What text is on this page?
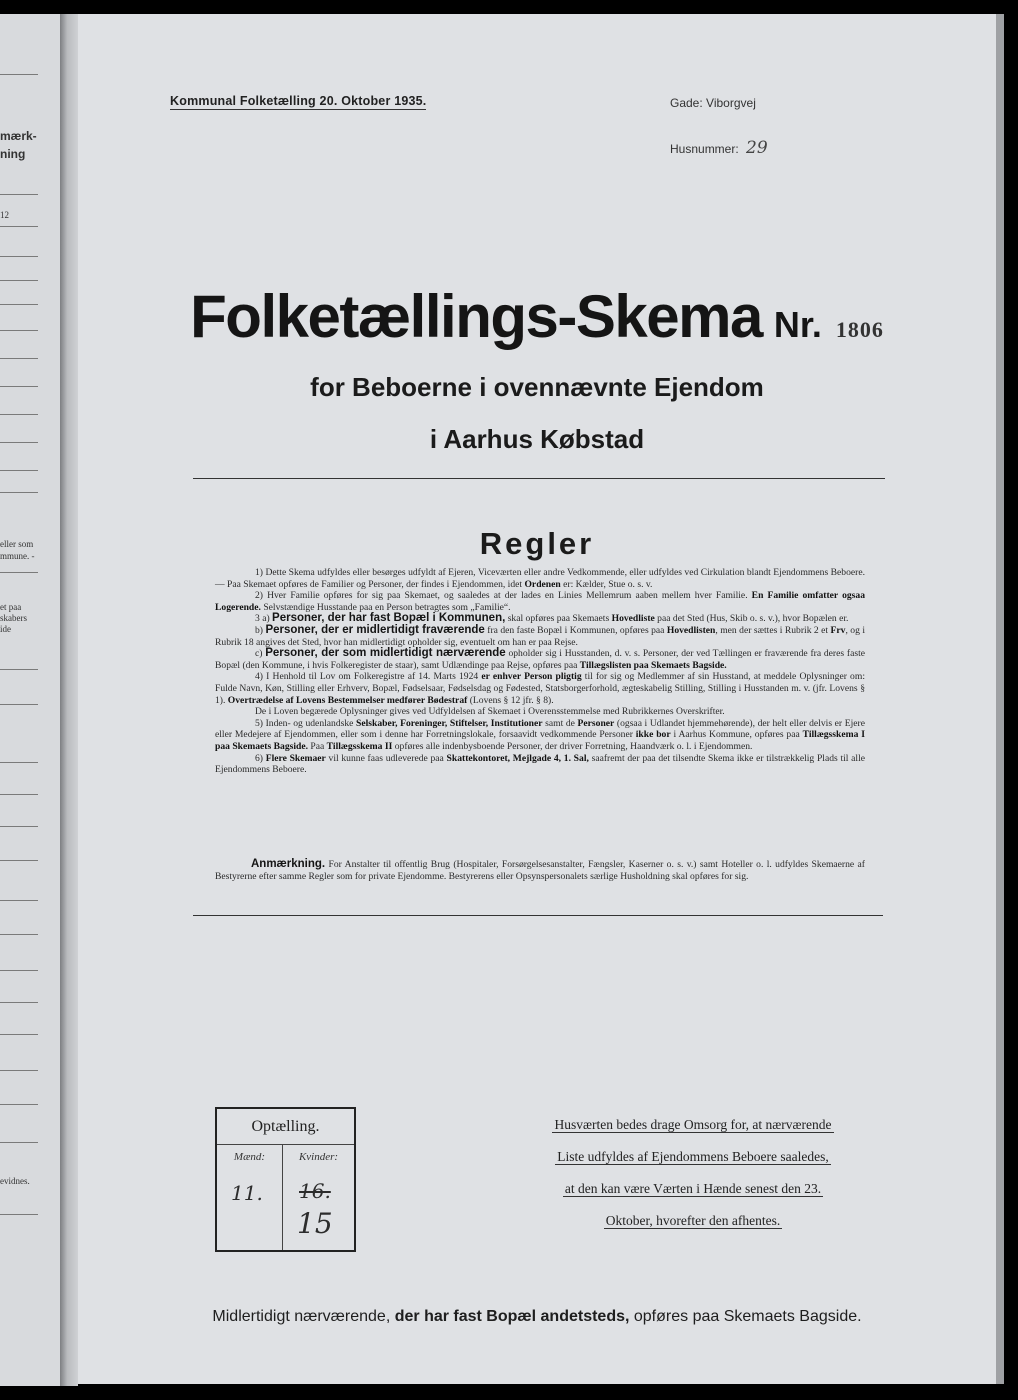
mærk-
ning
12
eller som
mmune. -
et paa
skabers
ide
evidnes.
Kommunal Folketælling 20. Oktober 1935.	Gade: Viborgvej
Husnummer: 29
Folketællings-Skema Nr. 1806
for Beboerne i ovennævnte Ejendom
i Aarhus Købstad
Regler

1) Dette Skema udfyldes eller besørges udfyldt af Ejeren, Viceværten eller andre Vedkommende, eller udfyldes ved Cirkulation blandt Ejendommens Beboere. — Paa Skemaet opføres de Familier og Personer, der findes i Ejendommen, idet Ordenen er: Kælder, Stue o. s. v.

2) Hver Familie opføres for sig paa Skemaet, og saaledes at der lades en Linies Mellemrum aaben mellem hver Familie. En Familie omfatter ogsaa Logerende. Selvstændige Husstande paa en Person betragtes som „Familie“.

3 a) Personer, der har fast Bopæl i Kommunen, skal opføres paa Skemaets Hovedliste paa det Sted (Hus, Skib o. s. v.), hvor Bopælen er.

b) Personer, der er midlertidigt fraværende fra den faste Bopæl i Kommunen, opføres paa Hovedlisten, men der sættes i Rubrik 2 et Frv, og i Rubrik 18 angives det Sted, hvor han midlertidigt opholder sig, eventuelt om han er paa Rejse.

c) Personer, der som midlertidigt nærværende opholder sig i Husstanden, d. v. s. Personer, der ved Tællingen er fraværende fra deres faste Bopæl (den Kommune, i hvis Folkeregister de staar), samt Udlændinge paa Rejse, opføres paa Tillægslisten paa Skemaets Bagside.

4) I Henhold til Lov om Folkeregistre af 14. Marts 1924 er enhver Person pligtig til for sig og Medlemmer af sin Husstand, at meddele Oplysninger om: Fulde Navn, Køn, Stilling eller Erhverv, Bopæl, Fødselsaar, Fødselsdag og Fødested, Statsborgerforhold, ægteskabelig Stilling, Stilling i Husstanden m. v. (jfr. Lovens § 1). Overtrædelse af Lovens Bestemmelser medfører Bødestraf (Lovens § 12 jfr. § 8).

De i Loven begærede Oplysninger gives ved Udfyldelsen af Skemaet i Overensstemmelse med Rubrikkernes Overskrifter.

5) Inden- og udenlandske Selskaber, Foreninger, Stiftelser, Institutioner samt de Personer (ogsaa i Udlandet hjemmehørende), der helt eller delvis er Ejere eller Medejere af Ejendommen, eller som i denne har Forretningslokale, forsaavidt vedkommende Personer ikke bor i Aarhus Kommune, opføres paa Tillægsskema I paa Skemaets Bagside. Paa Tillægsskema II opføres alle indenbysboende Personer, der driver Forretning, Haandværk o. l. i Ejendommen.

6) Flere Skemaer vil kunne faas udleverede paa Skattekontoret, Mejlgade 4, 1. Sal, saafremt der paa det tilsendte Skema ikke er tilstrækkelig Plads til alle Ejendommens Beboere.

Anmærkning. For Anstalter til offentlig Brug (Hospitaler, Forsørgelsesanstalter, Fængsler, Kaserner o. s. v.) samt Hoteller o. l. udfyldes Skemaerne af Bestyrerne efter samme Regler som for private Ejendomme. Bestyrerens eller Opsynspersonalets særlige Husholdning skal opføres for sig.

Optælling.
Mænd:
11.
Kvinder:
16.
15
Husværten bedes drage Omsorg for, at nærværende
Liste udfyldes af Ejendommens Beboere saaledes,
at den kan være Værten i Hænde senest den 23.
Oktober, hvorefter den afhentes.
Midlertidigt nærværende, der har fast Bopæl andetsteds, opføres paa Skemaets Bagside.
